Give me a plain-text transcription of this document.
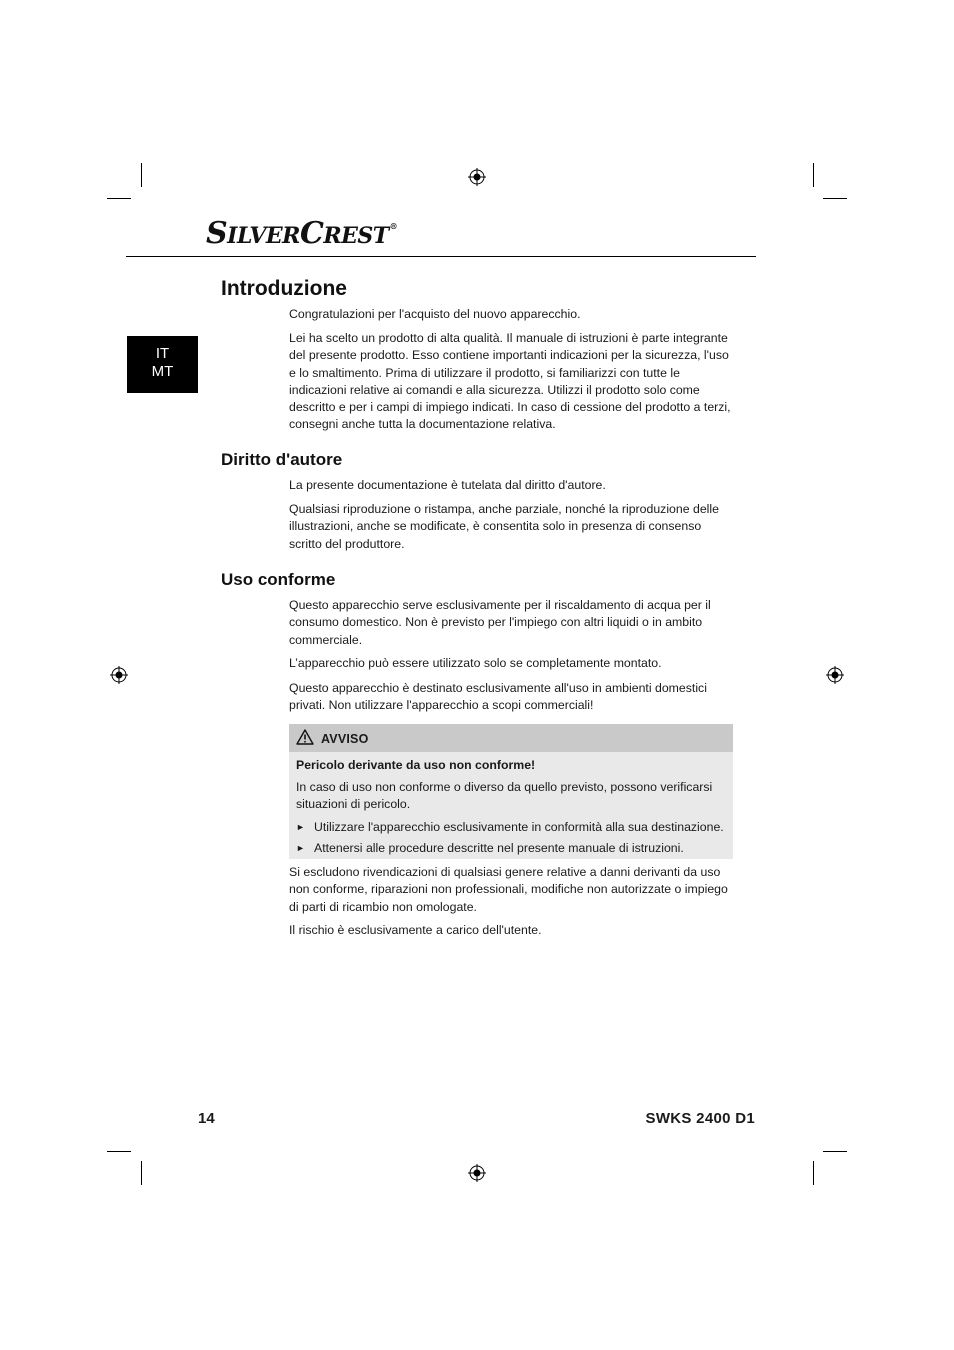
SILVERCREST®
IT
MT
Introduzione

Congratulazioni per l'acquisto del nuovo apparecchio.

Lei ha scelto un prodotto di alta qualità. Il manuale di istruzioni è parte integrante del presente prodotto. Esso contiene importanti indicazioni per la sicurezza, l'uso e lo smaltimento. Prima di utilizzare il prodotto, si familiarizzi con tutte le indicazioni relative ai comandi e alla sicurezza. Utilizzi il prodotto solo come descritto e per i campi di impiego indicati. In caso di cessione del prodotto a terzi, consegni anche tutta la documentazione relativa.

Diritto d'autore

La presente documentazione è tutelata dal diritto d'autore.

Qualsiasi riproduzione o ristampa, anche parziale, nonché la riproduzione delle illustrazioni, anche se modificate, è consentita solo in presenza di consenso scritto del produttore.

Uso conforme

Questo apparecchio serve esclusivamente per il riscaldamento di acqua per il consumo domestico. Non è previsto per l'impiego con altri liquidi o in ambito commerciale.

L’apparecchio può essere utilizzato solo se completamente montato.

Questo apparecchio è destinato esclusivamente all'uso in ambienti domestici privati. Non utilizzare l'apparecchio a scopi commerciali!

AVVISO
Pericolo derivante da uso non conforme!

In caso di uso non conforme o diverso da quello previsto, possono verificarsi situazioni di pericolo.

► Utilizzare l'apparecchio esclusivamente in conformità alla sua destinazione.
► Attenersi alle procedure descritte nel presente manuale di istruzioni.

Si escludono rivendicazioni di qualsiasi genere relative a danni derivanti da uso non conforme, riparazioni non professionali, modifiche non autorizzate o impiego di parti di ricambio non omologate.

Il rischio è esclusivamente a carico dell'utente.

14	SWKS 2400 D1
